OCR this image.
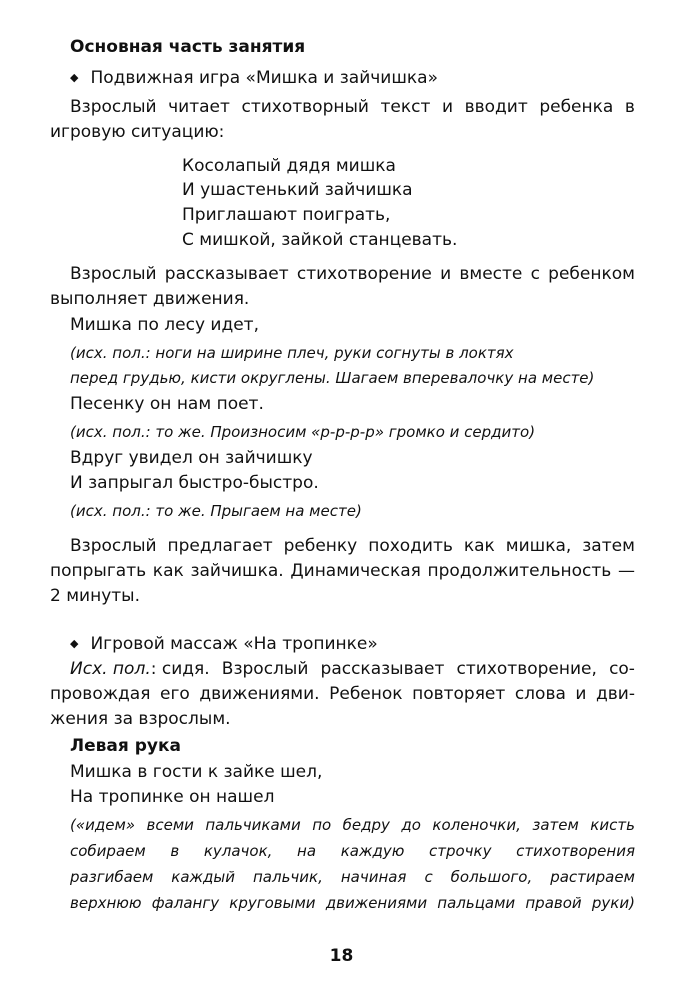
Основная часть занятия
◆ Подвижная игра «Мишка и зайчишка»
Взрослый читает стихотворный текст и вводит ребенка в
игровую ситуацию:
Косолапый дядя мишка
И ушастенький зайчишка
Приглашают поиграть,
С мишкой, зайкой станцевать.
Взрослый рассказывает стихотворение и вместе с ребенком
выполняет движения.
Мишка по лесу идет,
(исх. пол.: ноги на ширине плеч, руки согнуты в локтях
перед грудью, кисти округлены. Шагаем вперевалочку на месте)
Песенку он нам поет.
(исх. пол.: то же. Произносим «р-р-р-р» громко и сердито)
Вдруг увидел он зайчишку
И запрыгал быстро-быстро.
(исх. пол.: то же. Прыгаем на месте)
Взрослый предлагает ребенку походить как мишка, затем
попрыгать как зайчишка. Динамическая продолжительность —
2 минуты.
◆ Игровой массаж «На тропинке»
Исх. пол.: сидя. Взрослый рассказывает стихотворение, со-
провождая его движениями. Ребенок повторяет слова и дви-
жения за взрослым.
Левая рука
Мишка в гости к зайке шел,
На тропинке он нашел
(«идем» всеми пальчиками по бедру до коленочки, затем кисть
собираем в кулачок, на каждую строчку стихотворения
разгибаем каждый пальчик, начиная с большого, растираем
верхнюю фалангу круговыми движениями пальцами правой руки)
18
